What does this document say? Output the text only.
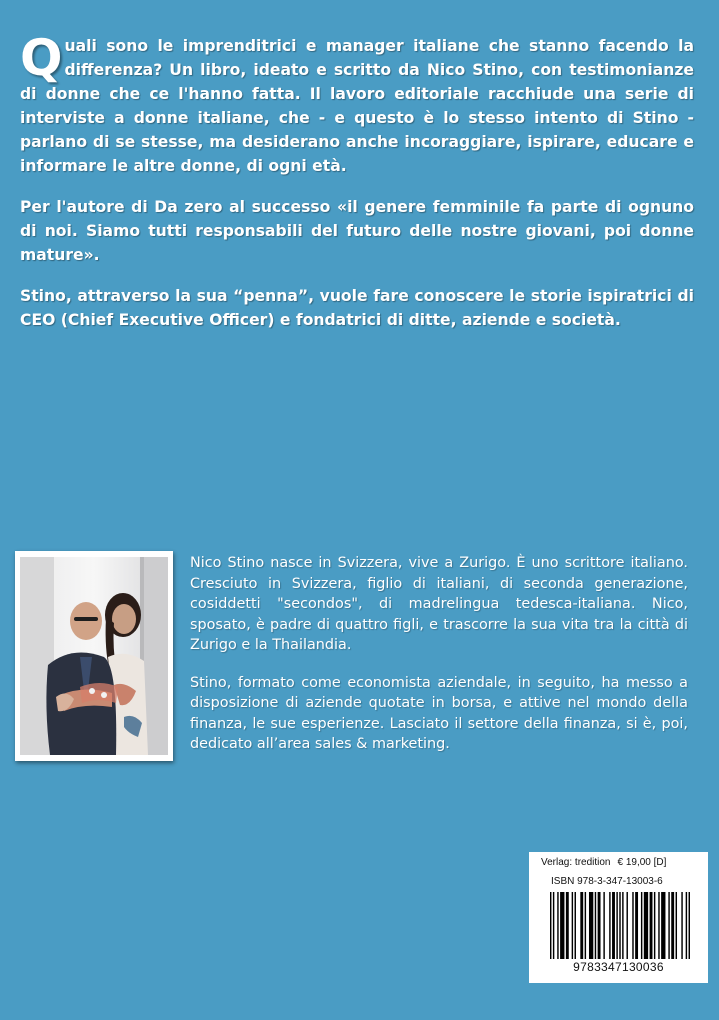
Quali sono le imprenditrici e manager italiane che stanno facendo la differenza? Un libro, ideato e scritto da Nico Stino, con testimonianze di donne che ce l'hanno fatta. Il lavoro editoriale racchiude una serie di interviste a donne italiane, che - e questo è lo stesso intento di Stino - parlano di se stesse, ma desiderano anche incoraggiare, ispirare, educare e informare le altre donne, di ogni età.

Per l'autore di Da zero al successo «il genere femminile fa parte di ognuno di noi. Siamo tutti responsabili del futuro delle nostre giovani, poi donne mature».

Stino, attraverso la sua “penna”, vuole fare conoscere le storie ispiratrici di CEO (Chief Executive Officer) e fondatrici di ditte, aziende e società.

Nico Stino nasce in Svizzera, vive a Zurigo. È uno scrittore italiano. Cresciuto in Svizzera, figlio di italiani, di seconda generazione, cosiddetti "secondos", di madrelingua tedesca-italiana. Nico, sposato, è padre di quattro figli, e trascorre la sua vita tra la città di Zurigo e la Thailandia.

Stino, formato come economista aziendale, in seguito, ha messo a disposizione di aziende quotate in borsa, e attive nel mondo della finanza, le sue esperienze. Lasciato il settore della finanza, si è, poi, dedicato all’area sales & marketing.

Verlag: tredition € 19,00 [D]
ISBN 978-3-347-13003-6
9783347130036
